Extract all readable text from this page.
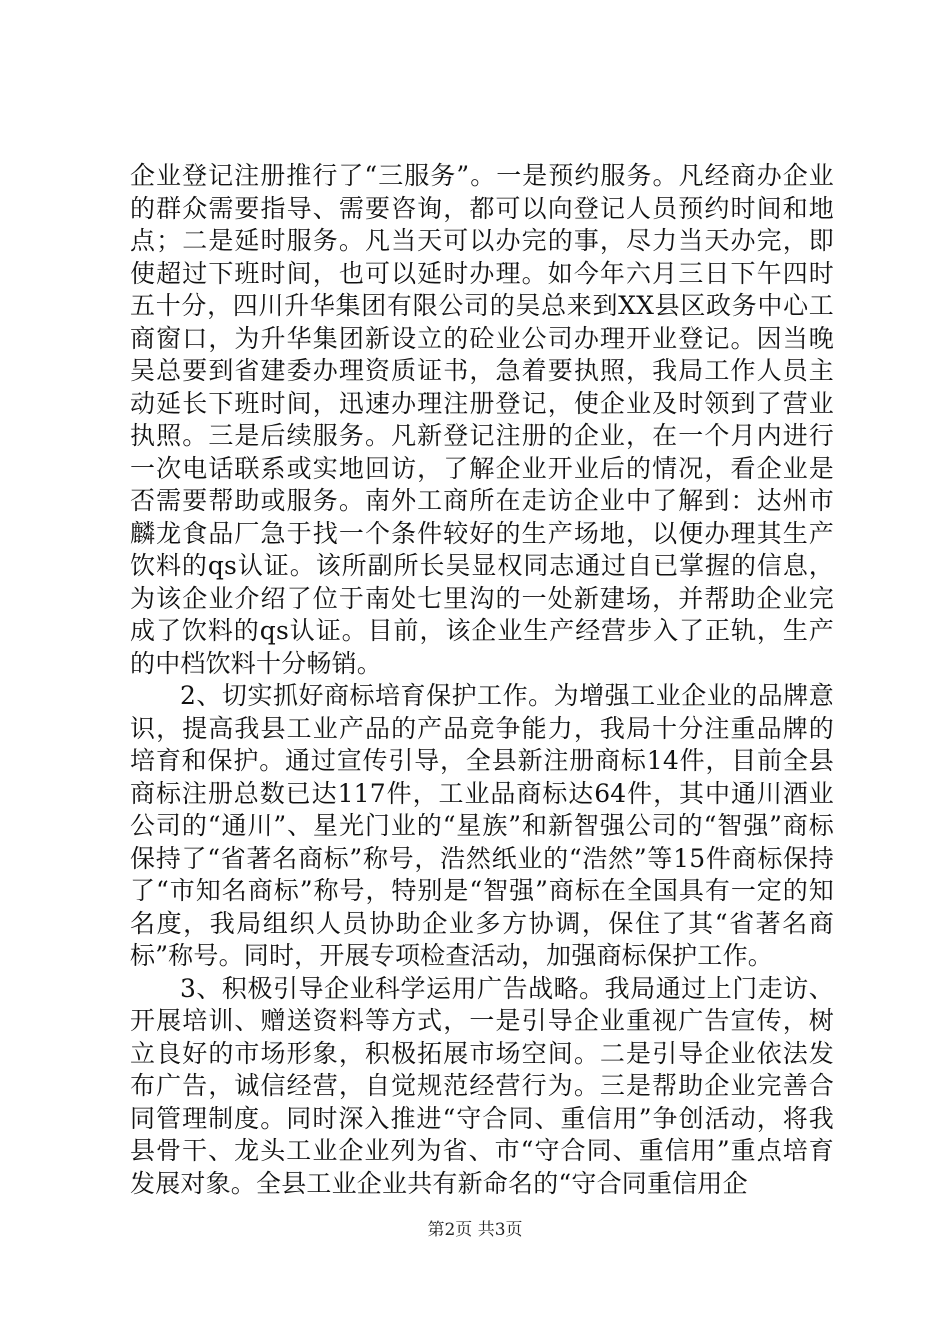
企业登记注册推行了“三服务”。一是预约服务。凡经商办企业的群众需要指导、需要咨询，都可以向登记人员预约时间和地点；二是延时服务。凡当天可以办完的事，尽力当天办完，即使超过下班时间，也可以延时办理。如今年六月三日下午四时五十分，四川升华集团有限公司的吴总来到XX县区政务中心工商窗口，为升华集团新设立的砼业公司办理开业登记。因当晚吴总要到省建委办理资质证书，急着要执照，我局工作人员主动延长下班时间，迅速办理注册登记，使企业及时领到了营业执照。三是后续服务。凡新登记注册的企业，在一个月内进行一次电话联系或实地回访，了解企业开业后的情况，看企业是否需要帮助或服务。南外工商所在走访企业中了解到：达州市麟龙食品厂急于找一个条件较好的生产场地，以便办理其生产饮料的qs认证。该所副所长吴显权同志通过自已掌握的信息，为该企业介绍了位于南处七里沟的一处新建场，并帮助企业完成了饮料的qs认证。目前，该企业生产经营步入了正轨，生产的中档饮料十分畅销。

2、切实抓好商标培育保护工作。为增强工业企业的品牌意识，提高我县工业产品的产品竞争能力，我局十分注重品牌的培育和保护。通过宣传引导，全县新注册商标14件，目前全县商标注册总数已达117件，工业品商标达64件，其中通川酒业公司的“通川”、星光门业的“星族”和新智强公司的“智强”商标保持了“省著名商标”称号，浩然纸业的“浩然”等15件商标保持了“市知名商标”称号，特别是“智强”商标在全国具有一定的知名度，我局组织人员协助企业多方协调，保住了其“省著名商标”称号。同时，开展专项检查活动，加强商标保护工作。

3、积极引导企业科学运用广告战略。我局通过上门走访、开展培训、赠送资料等方式，一是引导企业重视广告宣传，树立良好的市场形象，积极拓展市场空间。二是引导企业依法发布广告，诚信经营，自觉规范经营行为。三是帮助企业完善合同管理制度。同时深入推进“守合同、重信用”争创活动，将我县骨干、龙头工业企业列为省、市“守合同、重信用”重点培育发展对象。全县工业企业共有新命名的“守合同重信用企

第2页 共3页
